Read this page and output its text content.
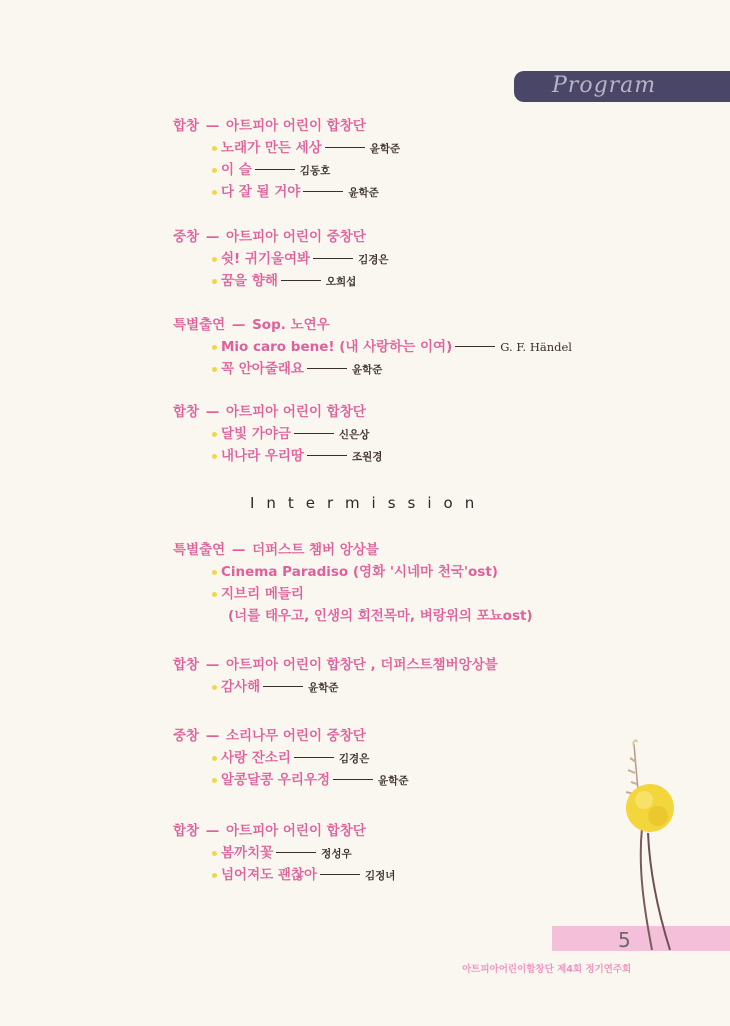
Program
합창 — 아트피아 어린이 합창단
노래가 만든 세상	윤학준
이 슬	김동호
다 잘 될 거야	윤학준
중창 — 아트피아 어린이 중창단
쉿! 귀기울여봐	김경은
꿈을 향해	오희섭
특별출연 — Sop. 노연우
Mio caro bene! (내 사랑하는 이여)	G. F. Händel
꼭 안아줄래요	윤학준
합창 — 아트피아 어린이 합창단
달빛 가야금	신은상
내나라 우리땅	조원경
Intermission
특별출연 — 더퍼스트 챔버 앙상블
Cinema Paradiso (영화 '시네마 천국'ost)
지브리 메들리
(너를 태우고, 인생의 회전목마, 벼랑위의 포뇨ost)
합창 — 아트피아 어린이 합창단 , 더퍼스트챔버앙상블
감사해	윤학준
중창 — 소리나무 어린이 중창단
사랑 잔소리	김경은
알콩달콩 우리우정	윤학준
합창 — 아트피아 어린이 합창단
봄까치꽃	정성우
넘어져도 괜찮아	김정녀
5
아트피아어린이합창단 제4회 정기연주회
